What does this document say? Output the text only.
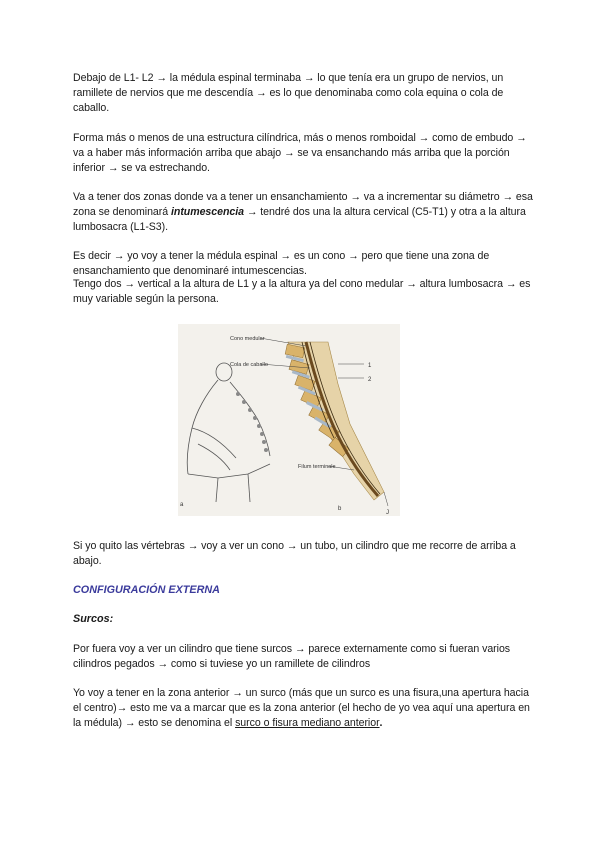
Debajo de L1- L2 → la médula espinal terminaba → lo que tenía era un grupo de nervios, un ramillete de nervios que me descendía → es lo que denominaba como cola equina o cola de caballo.

Forma más o menos de una estructura cilíndrica, más o menos romboidal → como de embudo → va a haber más información arriba que abajo → se va ensanchando más arriba que la porción inferior → se va estrechando.

Va a tener dos zonas donde va a tener un ensanchamiento → va a incrementar su diámetro → esa zona se denominará intumescencia → tendré dos una la altura cervical (C5-T1) y otra a la altura lumbosacra (L1-S3).

Es decir → yo voy a tener la médula espinal → es un cono → pero que tiene una zona de ensanchamiento que denominaré intumescencias.

Tengo dos → vertical a la altura de L1 y a la altura ya del cono medular → altura lumbosacra → es muy variable según la persona.

Cono medular
Cola de caballo	1
2
Filum terminale
a
b
J

Si yo quito las vértebras → voy a ver un cono → un tubo, un cilindro que me recorre de arriba a abajo.

CONFIGURACIÓN EXTERNA

Surcos:

Por fuera voy a ver un cilindro que tiene surcos → parece externamente como si fueran varios cilindros pegados → como si tuviese yo un ramillete de cilindros

Yo voy a tener en la zona anterior → un surco (más que un surco es una fisura,una apertura hacia el centro)→ esto me va a marcar que es la zona anterior (el hecho de yo vea aquí una apertura en la médula) → esto se denomina el surco o fisura mediano anterior.
